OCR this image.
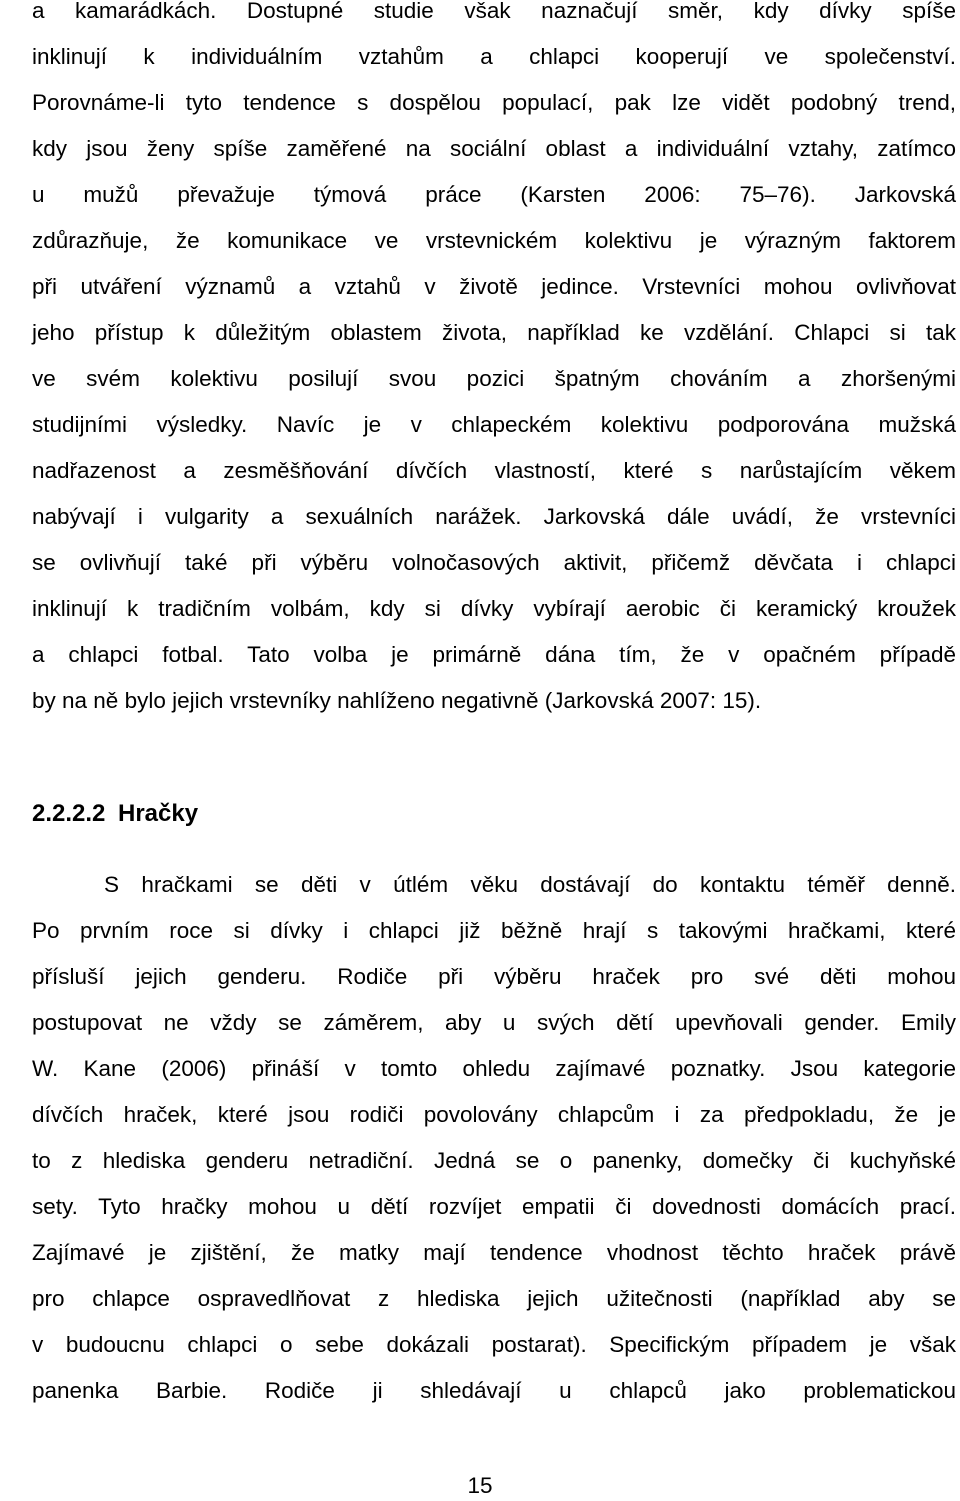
a kamarádkách. Dostupné studie však naznačují směr, kdy dívky spíše
inklinují k individuálním vztahům a chlapci kooperují ve společenství.
Porovnáme-li tyto tendence s dospělou populací, pak lze vidět podobný trend,
kdy jsou ženy spíše zaměřené na sociální oblast a individuální vztahy, zatímco
u mužů převažuje týmová práce (Karsten 2006: 75–76). Jarkovská
zdůrazňuje, že komunikace ve vrstevnickém kolektivu je výrazným faktorem
při utváření významů a vztahů v životě jedince. Vrstevníci mohou ovlivňovat
jeho přístup k důležitým oblastem života, například ke vzdělání. Chlapci si tak
ve svém kolektivu posilují svou pozici špatným chováním a zhoršenými
studijními výsledky. Navíc je v chlapeckém kolektivu podporována mužská
nadřazenost a zesměšňování dívčích vlastností, které s narůstajícím věkem
nabývají i vulgarity a sexuálních narážek. Jarkovská dále uvádí, že vrstevníci
se ovlivňují také při výběru volnočasových aktivit, přičemž děvčata i chlapci
inklinují k tradičním volbám, kdy si dívky vybírají aerobic či keramický kroužek
a chlapci fotbal. Tato volba je primárně dána tím, že v opačném případě
by na ně bylo jejich vrstevníky nahlíženo negativně (Jarkovská 2007: 15).
2.2.2.2 Hračky
S hračkami se děti v útlém věku dostávají do kontaktu téměř denně.
Po prvním roce si dívky i chlapci již běžně hrají s takovými hračkami, které
přísluší jejich genderu. Rodiče při výběru hraček pro své děti mohou
postupovat ne vždy se záměrem, aby u svých dětí upevňovali gender. Emily
W. Kane (2006) přináší v tomto ohledu zajímavé poznatky. Jsou kategorie
dívčích hraček, které jsou rodiči povolovány chlapcům i za předpokladu, že je
to z hlediska genderu netradiční. Jedná se o panenky, domečky či kuchyňské
sety. Tyto hračky mohou u dětí rozvíjet empatii či dovednosti domácích prací.
Zajímavé je zjištění, že matky mají tendence vhodnost těchto hraček právě
pro chlapce ospravedlňovat z hlediska jejich užitečnosti (například aby se
v budoucnu chlapci o sebe dokázali postarat). Specifickým případem je však
panenka Barbie. Rodiče ji shledávají u chlapců jako problematickou
15
